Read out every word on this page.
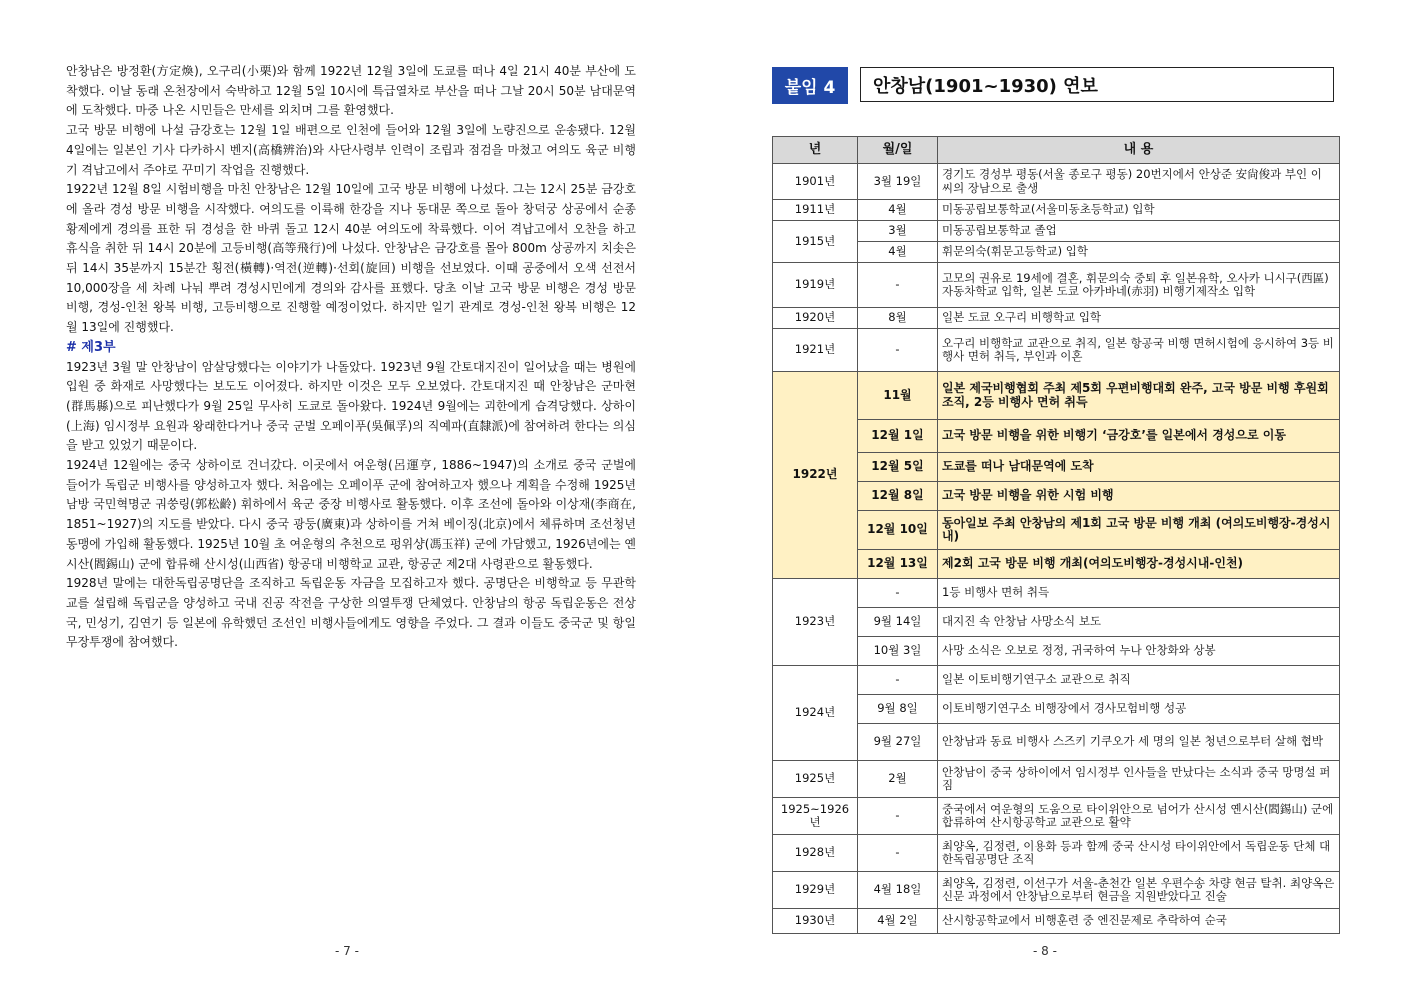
안창남은 방정환(方定煥), 오구리(小栗)와 함께 1922년 12월 3일에 도쿄를 떠나 4일 21시 40분 부산에 도착했다. 이날 동래 온천장에서 숙박하고 12월 5일 10시에 특급열차로 부산을 떠나 그날 20시 50분 남대문역에 도착했다. 마중 나온 시민들은 만세를 외치며 그를 환영했다.

고국 방문 비행에 나설 금강호는 12월 1일 배편으로 인천에 들어와 12월 3일에 노량진으로 운송됐다. 12월 4일에는 일본인 기사 다카하시 벤지(高橋辨治)와 사단사령부 인력이 조립과 점검을 마쳤고 여의도 육군 비행기 격납고에서 주야로 꾸미기 작업을 진행했다.

1922년 12월 8일 시험비행을 마친 안창남은 12월 10일에 고국 방문 비행에 나섰다. 그는 12시 25분 금강호에 올라 경성 방문 비행을 시작했다. 여의도를 이륙해 한강을 지나 동대문 쪽으로 돌아 창덕궁 상공에서 순종 황제에게 경의를 표한 뒤 경성을 한 바퀴 돌고 12시 40분 여의도에 착륙했다. 이어 격납고에서 오찬을 하고 휴식을 취한 뒤 14시 20분에 고등비행(高等飛行)에 나섰다. 안창남은 금강호를 몰아 800m 상공까지 치솟은 뒤 14시 35분까지 15분간 횡전(橫轉)·역전(逆轉)·선회(旋回) 비행을 선보였다. 이때 공중에서 오색 선전서 10,000장을 세 차례 나눠 뿌려 경성시민에게 경의와 감사를 표했다. 당초 이날 고국 방문 비행은 경성 방문 비행, 경성-인천 왕복 비행, 고등비행으로 진행할 예정이었다. 하지만 일기 관계로 경성-인천 왕복 비행은 12월 13일에 진행했다.

# 제3부

1923년 3월 말 안창남이 암살당했다는 이야기가 나돌았다. 1923년 9월 간토대지진이 일어났을 때는 병원에 입원 중 화재로 사망했다는 보도도 이어졌다. 하지만 이것은 모두 오보였다. 간토대지진 때 안창남은 군마현(群馬縣)으로 피난했다가 9월 25일 무사히 도쿄로 돌아왔다. 1924년 9월에는 괴한에게 습격당했다. 상하이(上海) 임시정부 요원과 왕래한다거나 중국 군벌 오페이푸(吳佩孚)의 직예파(直隸派)에 참여하려 한다는 의심을 받고 있었기 때문이다.

1924년 12월에는 중국 상하이로 건너갔다. 이곳에서 여운형(呂運亨, 1886~1947)의 소개로 중국 군벌에 들어가 독립군 비행사를 양성하고자 했다. 처음에는 오페이푸 군에 참여하고자 했으나 계획을 수정해 1925년 남방 국민혁명군 궈쑹링(郭松齡) 휘하에서 육군 중장 비행사로 활동했다. 이후 조선에 돌아와 이상재(李商在, 1851~1927)의 지도를 받았다. 다시 중국 광둥(廣東)과 상하이를 거쳐 베이징(北京)에서 체류하며 조선청년동맹에 가입해 활동했다. 1925년 10월 초 여운형의 추천으로 펑위샹(馮玉祥) 군에 가담했고, 1926년에는 옌시산(閻錫山) 군에 합류해 산시성(山西省) 항공대 비행학교 교관, 항공군 제2대 사령관으로 활동했다.

1928년 말에는 대한독립공명단을 조직하고 독립운동 자금을 모집하고자 했다. 공명단은 비행학교 등 무관학교를 설립해 독립군을 양성하고 국내 진공 작전을 구상한 의열투쟁 단체였다. 안창남의 항공 독립운동은 전상국, 민성기, 김연기 등 일본에 유학했던 조선인 비행사들에게도 영향을 주었다. 그 결과 이들도 중국군 및 항일무장투쟁에 참여했다.

- 7 -
붙임 4	안창남(1901~1930) 연보
년	월/일	내 용
1901년	3월 19일	경기도 경성부 평동(서울 종로구 평동) 20번지에서 안상준 安尙俊과 부인 이 씨의 장남으로 출생
1911년	4월	미동공립보통학교(서울미동초등학교) 입학
1915년	3월	미동공립보통학교 졸업
	4월	휘문의숙(휘문고등학교) 입학
1919년	-	고모의 권유로 19세에 결혼, 휘문의숙 중퇴 후 일본유학, 오사카 니시구(西區) 자동차학교 입학, 일본 도쿄 아카바네(赤羽) 비행기제작소 입학
1920년	8월	일본 도쿄 오구리 비행학교 입학
1921년	-	오구리 비행학교 교관으로 취직, 일본 항공국 비행 면허시험에 응시하여 3등 비행사 면허 취득, 부인과 이혼
1922년	11월	일본 제국비행협회 주최 제5회 우편비행대회 완주, 고국 방문 비행 후원회 조직, 2등 비행사 면허 취득
	12월 1일	고국 방문 비행을 위한 비행기 ‘금강호’를 일본에서 경성으로 이동
	12월 5일	도쿄를 떠나 남대문역에 도착
	12월 8일	고국 방문 비행을 위한 시험 비행
	12월 10일	동아일보 주최 안창남의 제1회 고국 방문 비행 개최 (여의도비행장-경성시내)
	12월 13일	제2회 고국 방문 비행 개최(여의도비행장-경성시내-인천)
1923년	-	1등 비행사 면허 취득
	9월 14일	대지진 속 안창남 사망소식 보도
	10월 3일	사망 소식은 오보로 정정, 귀국하여 누나 안창화와 상봉
1924년	-	일본 이토비행기연구소 교관으로 취직
	9월 8일	이토비행기연구소 비행장에서 경사모험비행 성공
	9월 27일	안창남과 동료 비행사 스즈키 기쿠오가 세 명의 일본 청년으로부터 살해 협박
1925년	2월	안창남이 중국 상하이에서 임시정부 인사들을 만났다는 소식과 중국 망명설 퍼짐
1925~1926년	-	중국에서 여운형의 도움으로 타이위안으로 넘어가 산시성 옌시산(閻錫山) 군에 합류하여 산시항공학교 교관으로 활약
1928년	-	최양옥, 김정련, 이용화 등과 함께 중국 산시성 타이위안에서 독립운동 단체 대한독립공명단 조직
1929년	4월 18일	최양옥, 김정련, 이선구가 서울-춘천간 일본 우편수송 차량 현금 탈취. 최양옥은 신문 과정에서 안창남으로부터 현금을 지원받았다고 진술
1930년	4월 2일	산시항공학교에서 비행훈련 중 엔진문제로 추락하여 순국
- 8 -
